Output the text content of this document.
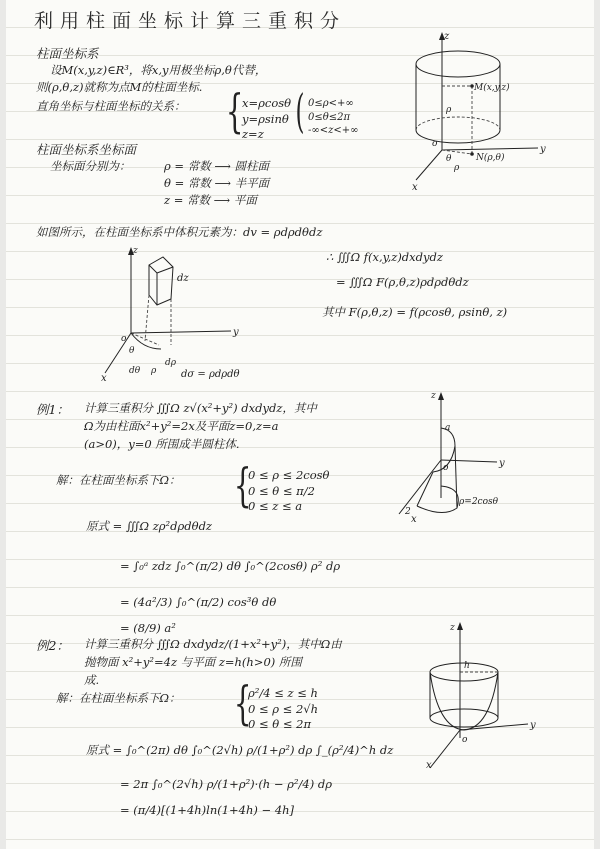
利用柱面坐标计算三重积分
柱面坐标系
设M(x,y,z)∈R³，将x,y用极坐标ρ,θ代替，
则(ρ,θ,z)就称为点M的柱面坐标.
直角坐标与柱面坐标的关系： {
x=ρcosθ
y=ρsinθ
z=z ( 0≤ρ<+∞
0≤θ≤2π
-∞<z<+∞
z
y
x
o
M(x,y,z)
ρ
θ
ρ
N(ρ,θ)
柱面坐标系坐标面
坐标面分别为：	ρ = 常数 ⟶ 圆柱面
θ = 常数 ⟶ 半平面
z = 常数 ⟶ 平面
如图所示，在柱面坐标系中体积元素为：dv = ρdρdθdz
∴ ∭Ω f(x,y,z)dxdydz
= ∭Ω F(ρ,θ,z)ρdρdθdz
其中 F(ρ,θ,z) = f(ρcosθ, ρsinθ, z)
z
y
x
o
dz
θ
dθ ρ
dρ
dσ = ρdρdθ
例1： 计算三重积分 ∭Ω z√(x²+y²) dxdydz，其中
Ω为由柱面x²+y²=2x及平面z=0,z=a
(a>0)，y=0 所围成半圆柱体.
解：在柱面坐标系下Ω： {
0 ≤ ρ ≤ 2cosθ
0 ≤ θ ≤ π/2
0 ≤ z ≤ a
原式 = ∭Ω zρ²dρdθdz
= ∫₀ᵃ zdz ∫₀^(π/2) dθ ∫₀^(2cosθ) ρ² dρ
= (4a²/3) ∫₀^(π/2) cos³θ dθ
= (8/9) a²
z
y
x
a
o
2
ρ=2cosθ
例2： 计算三重积分 ∭Ω dxdydz/(1+x²+y²)，其中Ω由
抛物面 x²+y²=4z 与平面 z=h(h>0) 所围
成.
解：在柱面坐标系下Ω： {
ρ²/4 ≤ z ≤ h
0 ≤ ρ ≤ 2√h
0 ≤ θ ≤ 2π
原式 = ∫₀^(2π) dθ ∫₀^(2√h) ρ/(1+ρ²) dρ ∫_(ρ²/4)^h dz
= 2π ∫₀^(2√h) ρ/(1+ρ²)·(h − ρ²/4) dρ
= (π/4)[(1+4h)ln(1+4h) − 4h]
z
y
x
h
o
